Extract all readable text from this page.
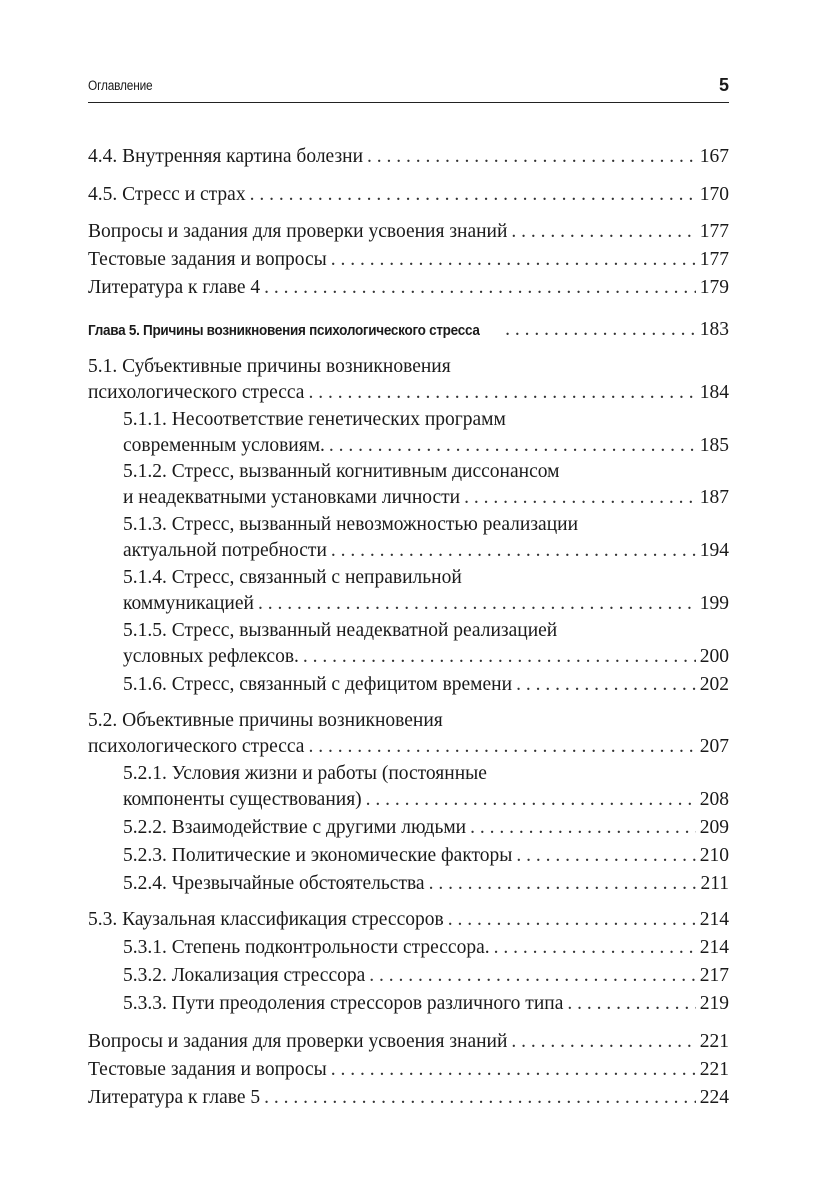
Оглавление	5
4.4. Внутренняя картина болезни . . .	167
4.5. Стресс и страх . . .	170
Вопросы и задания для проверки усвоения знаний . . .	177
Тестовые задания и вопросы . . .	177
Литература к главе 4 . . .	179
Глава 5. Причины возникновения психологического стресса . . .	183
5.1. Субъективные причины возникновения
психологического стресса . . .	184
5.1.1. Несоответствие генетических программ
современным условиям. . . .	185
5.1.2. Стресс, вызванный когнитивным диссонансом
и неадекватными установками личности . . .	187
5.1.3. Стресс, вызванный невозможностью реализации
актуальной потребности . . .	194
5.1.4. Стресс, связанный с неправильной
коммуникацией . . .	199
5.1.5. Стресс, вызванный неадекватной реализацией
условных рефлексов. . . .	200
5.1.6. Стресс, связанный с дефицитом времени . . .	202
5.2. Объективные причины возникновения
психологического стресса . . .	207
5.2.1. Условия жизни и работы (постоянные
компоненты существования) . . .	208
5.2.2. Взаимодействие с другими людьми . . .	209
5.2.3. Политические и экономические факторы . . .	210
5.2.4. Чрезвычайные обстоятельства . . .	211
5.3. Каузальная классификация стрессоров . . .	214
5.3.1. Степень подконтрольности стрессора. . . .	214
5.3.2. Локализация стрессора . . .	217
5.3.3. Пути преодоления стрессоров различного типа . . .	219
Вопросы и задания для проверки усвоения знаний . . .	221
Тестовые задания и вопросы . . .	221
Литература к главе 5 . . .	224
